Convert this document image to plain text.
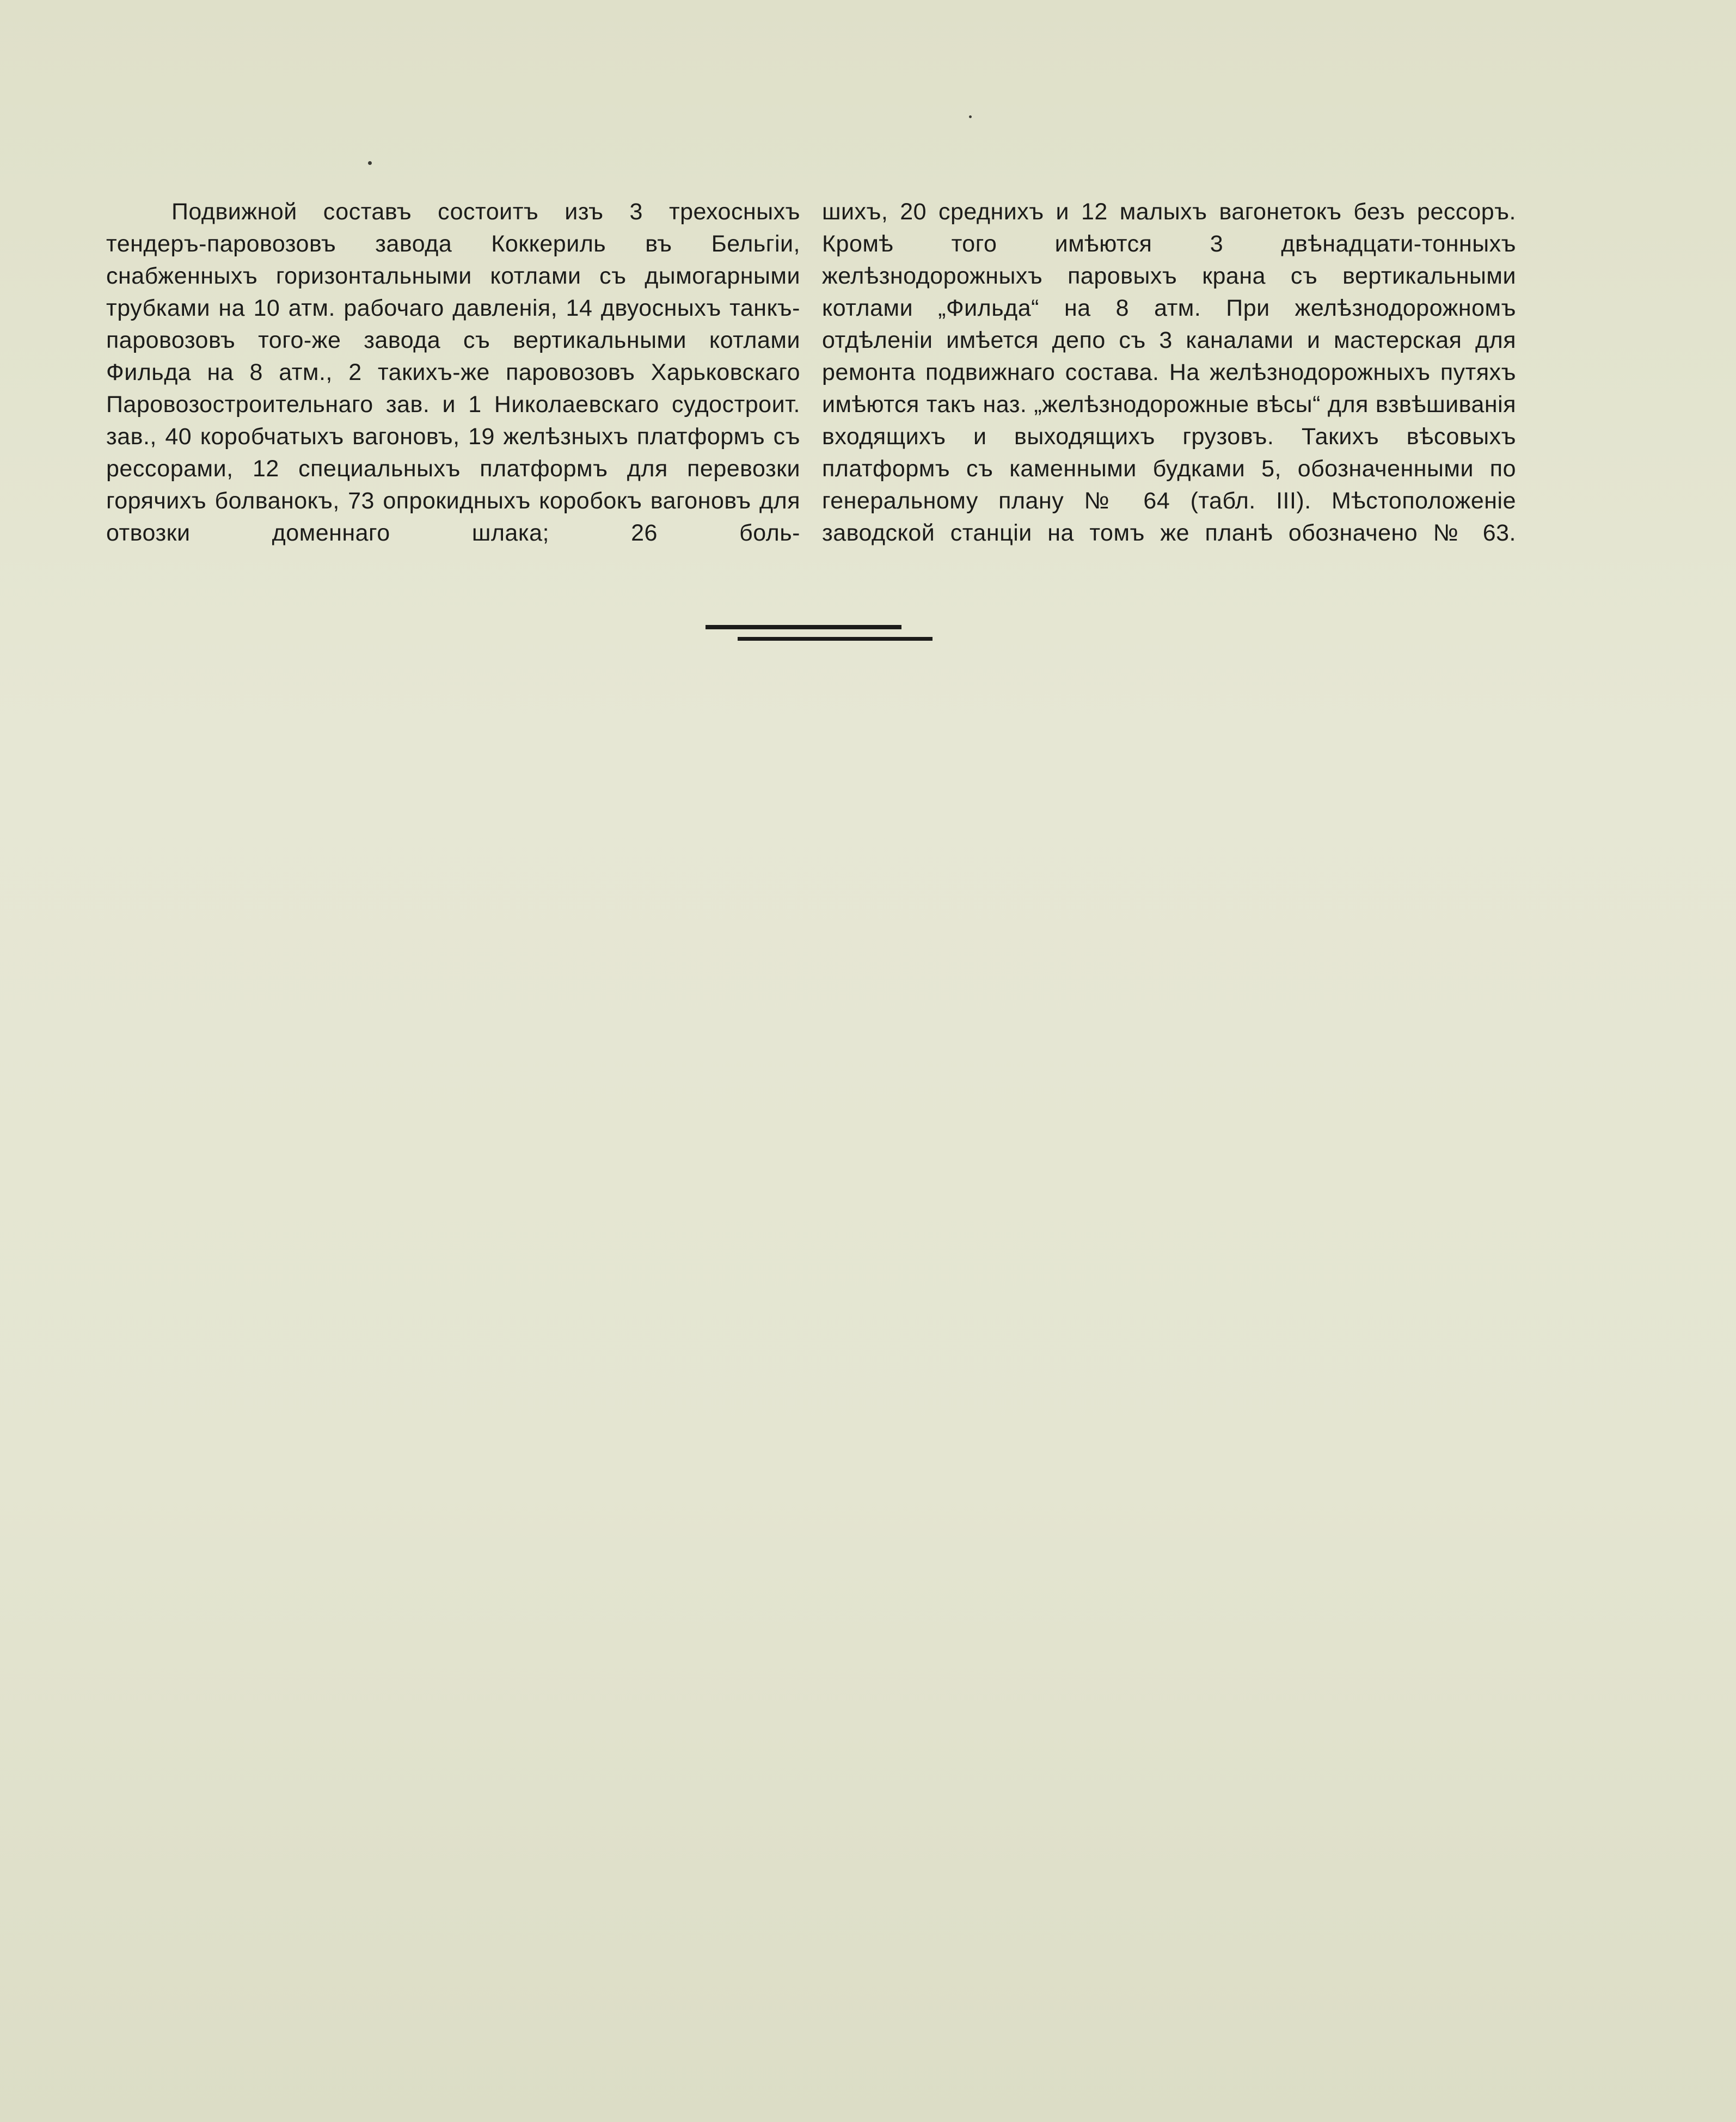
Подвижной составъ состоитъ изъ 3 трехосныхъ тендеръ-паровозовъ завода Коккериль въ Бельгiи, снабженныхъ горизонтальными котлами съ дымогарными трубками на 10 атм. рабочаго давленія, 14 двуосныхъ танкъ-паровозовъ того-же завода съ вертикальными котлами Фильда на 8 атм., 2 такихъ-же паровозовъ Харьковскаго Паровозостроительнаго зав. и 1 Николаевскаго судостроит. зав., 40 коробчатыхъ вагоновъ, 19 желѣзныхъ платформъ съ рессорами, 12 специальныхъ платформъ для перевозки горячихъ болванокъ, 73 опрокидныхъ коробокъ вагоновъ для отвозки доменнаго шлака; 26 боль-

шихъ, 20 среднихъ и 12 малыхъ вагонетокъ безъ рессоръ. Кромѣ того имѣются 3 двѣнадцати-тонныхъ желѣзнодорожныхъ паровыхъ крана съ вертикальными котлами „Фильда“ на 8 атм. При желѣзнодорожномъ отдѣленiи имѣется депо съ 3 каналами и мастерская для ремонта подвижнаго состава. На желѣзнодорожныхъ путяхъ имѣются такъ наз. „желѣзнодорожные вѣсы“ для взвѣшиванія входящихъ и выходящихъ грузовъ. Такихъ вѣсовыхъ платформъ съ каменными будками 5, обозначенными по генеральному плану № 64 (табл. III). Мѣстоположенiе заводской станцiи на томъ же планѣ обозначено № 63.
